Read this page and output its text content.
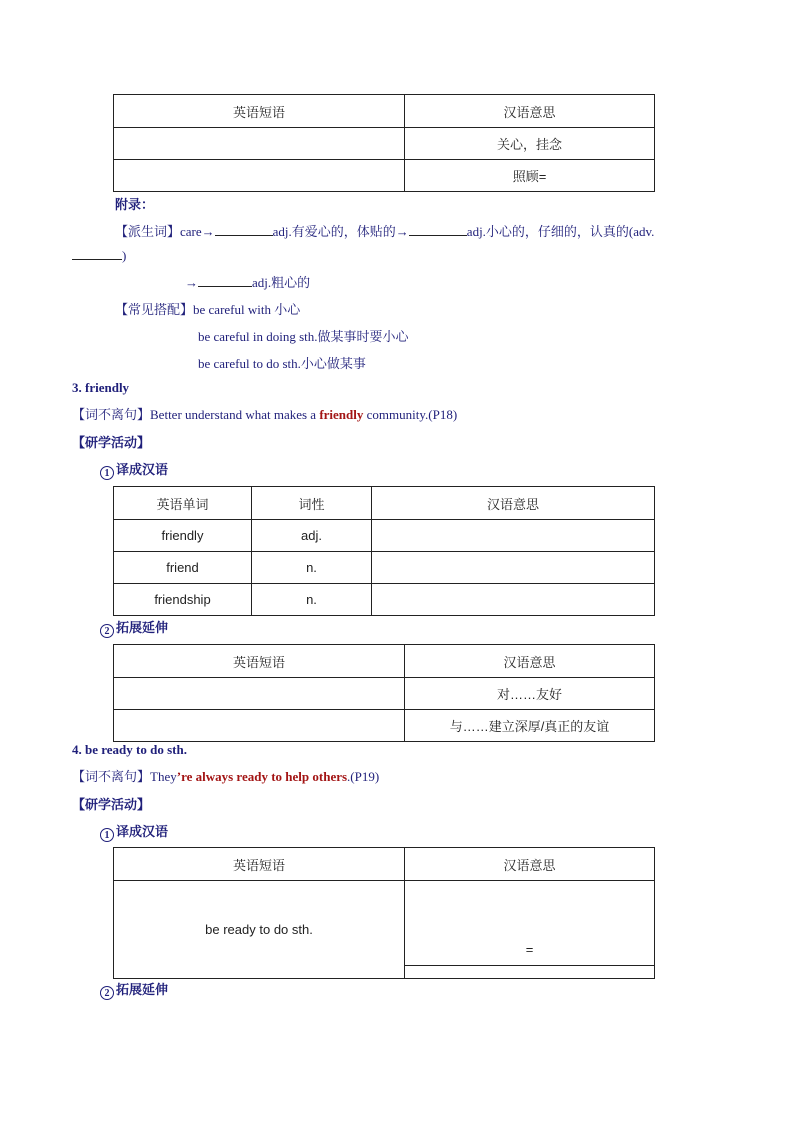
英语短语	汉语意思
	关心，挂念
	照顾=
附录：
【派生词】care→	adj.有爱心的，体贴的→	adj.小心的，仔细的，认真的(adv.
)
→	adj.粗心的
【常见搭配】be careful with 小心
be careful in doing sth.做某事时要小心
be careful to do sth.小心做某事
3. friendly
【词不离句】Better understand what makes a friendly community.(P18)
【研学活动】
1 译成汉语
英语单词	词性	汉语意思
friendly	adj.	
friend	n.	
friendship	n.	
2 拓展延伸
英语短语	汉语意思
	对……友好
	与……建立深厚/真正的友谊
4. be ready to do sth.
【词不离句】They’re always ready to help others.(P19)
【研学活动】
1 译成汉语
英语短语	汉语意思
be ready to do sth.	=
2 拓展延伸
